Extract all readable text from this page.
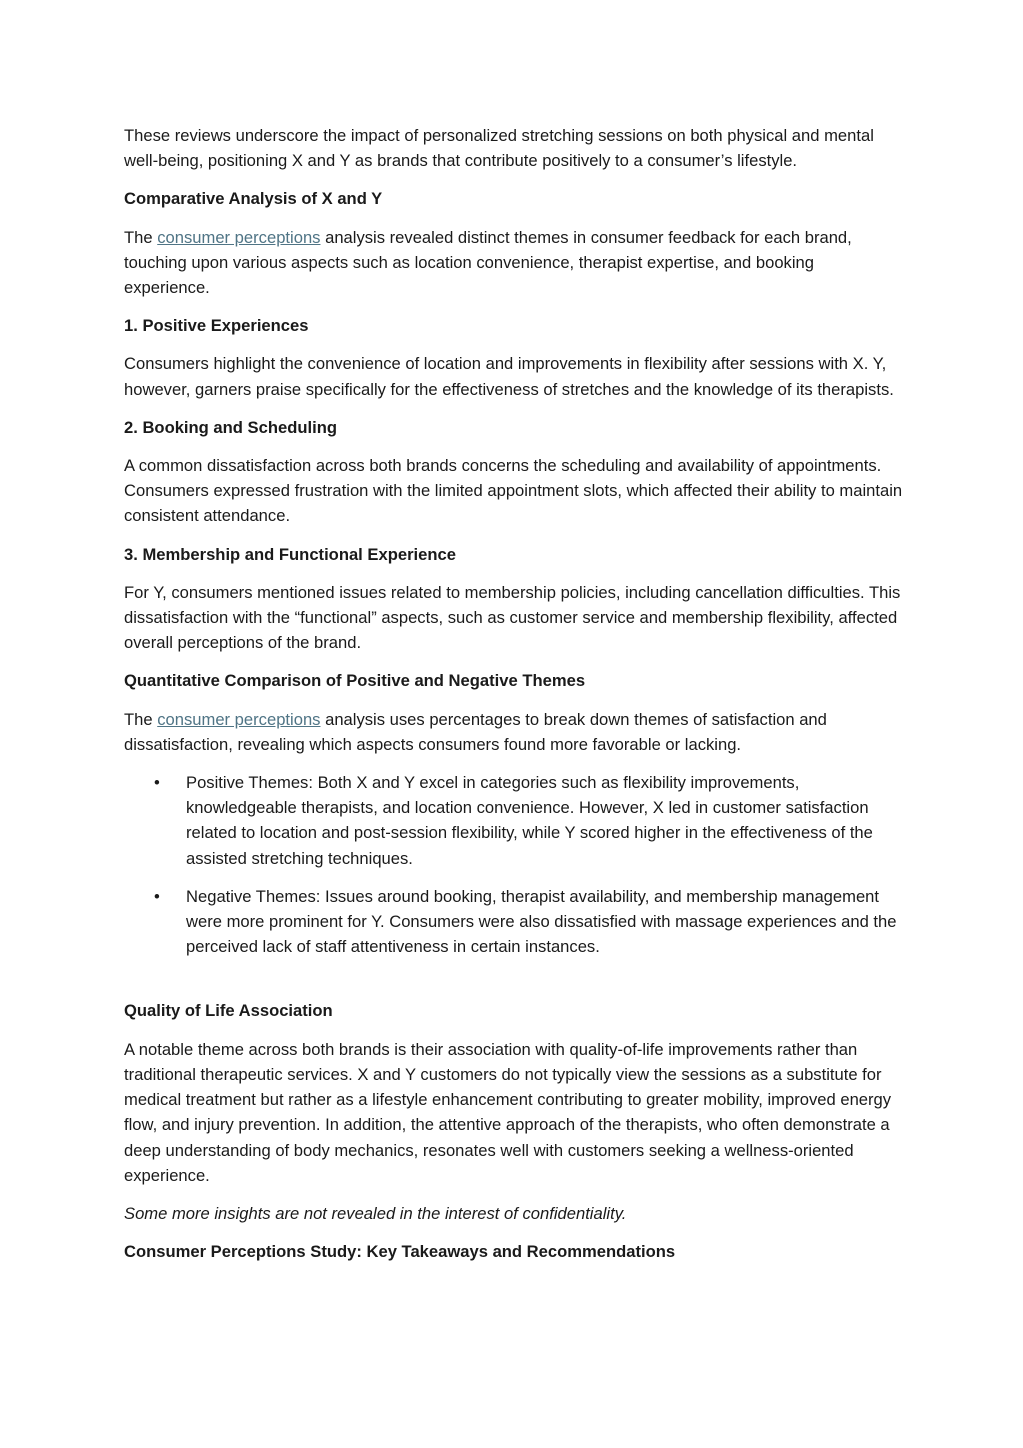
These reviews underscore the impact of personalized stretching sessions on both physical and mental well-being, positioning X and Y as brands that contribute positively to a consumer’s lifestyle.

Comparative Analysis of X and Y

The consumer perceptions analysis revealed distinct themes in consumer feedback for each brand, touching upon various aspects such as location convenience, therapist expertise, and booking experience.

1. Positive Experiences

Consumers highlight the convenience of location and improvements in flexibility after sessions with X. Y, however, garners praise specifically for the effectiveness of stretches and the knowledge of its therapists.

2. Booking and Scheduling

A common dissatisfaction across both brands concerns the scheduling and availability of appointments. Consumers expressed frustration with the limited appointment slots, which affected their ability to maintain consistent attendance.

3. Membership and Functional Experience

For Y, consumers mentioned issues related to membership policies, including cancellation difficulties. This dissatisfaction with the “functional” aspects, such as customer service and membership flexibility, affected overall perceptions of the brand.

Quantitative Comparison of Positive and Negative Themes

The consumer perceptions analysis uses percentages to break down themes of satisfaction and dissatisfaction, revealing which aspects consumers found more favorable or lacking.

• Positive Themes: Both X and Y excel in categories such as flexibility improvements, knowledgeable therapists, and location convenience. However, X led in customer satisfaction related to location and post-session flexibility, while Y scored higher in the effectiveness of the assisted stretching techniques.
• Negative Themes: Issues around booking, therapist availability, and membership management were more prominent for Y. Consumers were also dissatisfied with massage experiences and the perceived lack of staff attentiveness in certain instances.

Quality of Life Association

A notable theme across both brands is their association with quality-of-life improvements rather than traditional therapeutic services. X and Y customers do not typically view the sessions as a substitute for medical treatment but rather as a lifestyle enhancement contributing to greater mobility, improved energy flow, and injury prevention. In addition, the attentive approach of the therapists, who often demonstrate a deep understanding of body mechanics, resonates well with customers seeking a wellness-oriented experience.

Some more insights are not revealed in the interest of confidentiality.

Consumer Perceptions Study: Key Takeaways and Recommendations
